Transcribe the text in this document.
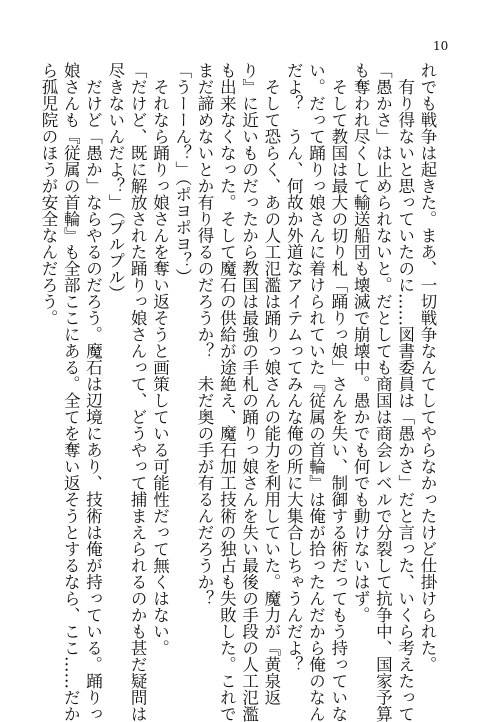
10
れでも戦争は起きた。まあ、一切戦争なんてしてやらなかったけど仕掛けられた。
　有り得ないと思っていたのに……図書委員は「愚かさ」だと言った、いくら考えたって
「愚かさ」は止められないと。だとしても商国は商会レベルで分裂して抗争中、国家予算
も奪われ尽くして輸送船団も壊滅で崩壊中。愚かでも何でも動けないはず。
　そして教国は最大の切り札「踊りっ娘」さんを失い、制御する術だってもう持っていな
い。だって踊りっ娘さんに着けられていた『従属の首輪』は俺が拾ったんだから俺のなん
だよ？　うん、何故か外道なアイテムってみんな俺の所に大集合しちゃうんだよ？
　そして恐らく、あの人工氾濫は踊りっ娘さんの能力を利用していた。魔力が『黄泉返
り』に近いものだったから教国は最強の手札の踊りっ娘さんを失い最後の手段の人工氾濫
も出来なくなった。そして魔石の供給が途絶え、魔石加工技術の独占も失敗した。これで
まだ諦めないとか有り得るのだろうか？　未だ奥の手が有るんだろうか？
「うーーん？」（ポヨポヨ？）
　それなら踊りっ娘さんを奪い返そうと画策している可能性だって無くはない。
「だけど、既に解放された踊りっ娘さんって、どうやって捕まえられるのかも甚だ疑問は
尽きないんだよ？」（プルプル）
　だけど「愚か」ならやるのだろう。魔石は辺境にあり、技術は俺が持っている。踊りっ
娘さんも『従属の首輪』も全部ここにある。全てを奪い返そうとするなら、ここ……だか
ら孤児院のほうが安全なんだろう。
